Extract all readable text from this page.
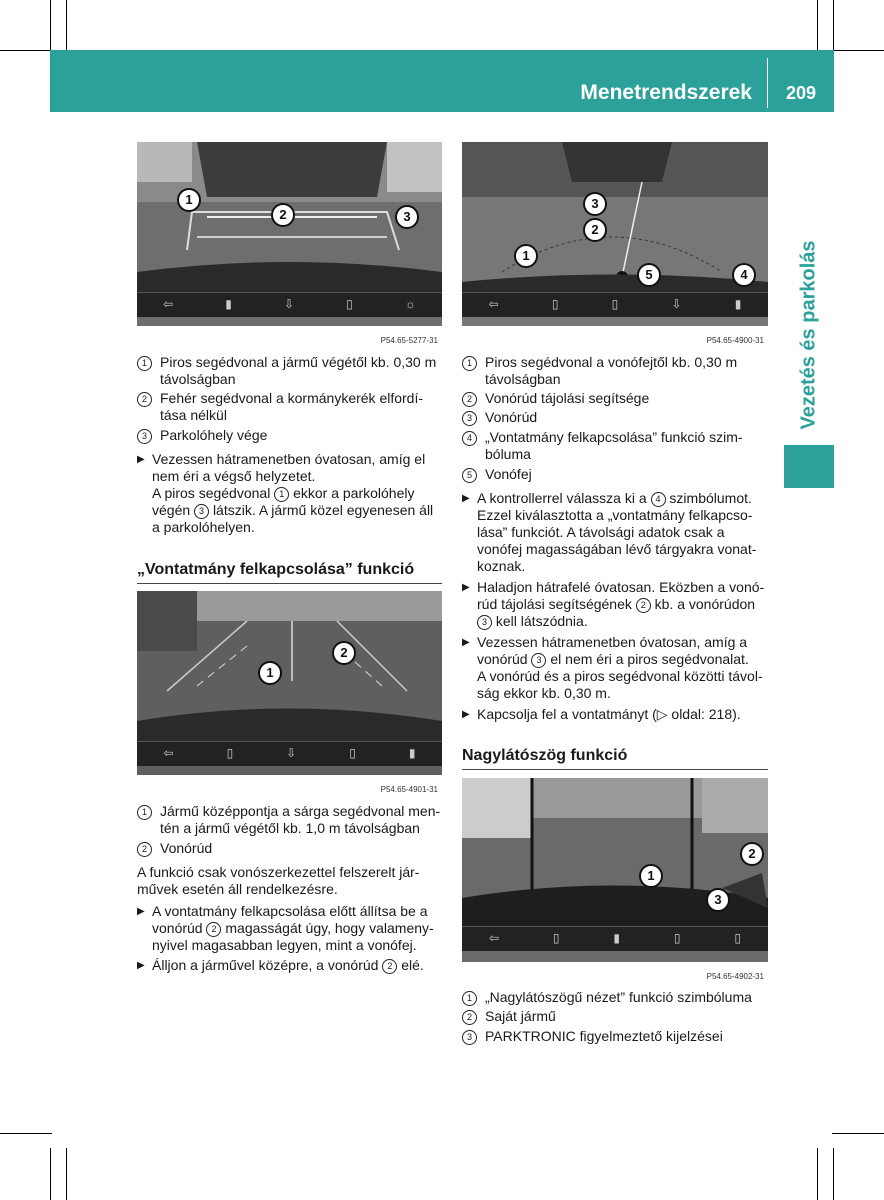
Menetrendszerek	209
Vezetés és parkolás
⇦	▮	⇩	▯	☼
P54.65-5277-31
1
2	3
1 Piros segédvonal a jármű végétől kb. 0,30 m
távolságban
2 Fehér segédvonal a kormánykerék elfordí-
tása nélkül
3 Parkolóhely vége
▶ Vezessen hátramenetben óvatosan, amíg el
nem éri a végső helyzetet.
A piros segédvonal 1 ekkor a parkolóhely
végén 3 látszik. A jármű közel egyenesen áll
a parkolóhelyen.
„Vontatmány felkapcsolása” funkció
⇦	▯	⇩	▯	▮
P54.65-4901-31
1
2
1 Jármű középpontja a sárga segédvonal men-
tén a jármű végétől kb. 1,0 m távolságban
2 Vonórúd
A funkció csak vonószerkezettel felszerelt jár-
művek esetén áll rendelkezésre.
▶ A vontatmány felkapcsolása előtt állítsa be a
vonórúd 2 magasságát úgy, hogy valameny-
nyivel magasabban legyen, mint a vonófej.
▶ Álljon a járművel középre, a vonórúd 2 elé.
⇦	▯	▯	⇩	▮
P54.65-4900-31
3
2
1
5	4
1 Piros segédvonal a vonófejtől kb. 0,30 m
távolságban
2 Vonórúd tájolási segítsége
3 Vonórúd
4 „Vontatmány felkapcsolása” funkció szim-
bóluma
5 Vonófej
▶ A kontrollerrel válassza ki a 4 szimbólumot.
Ezzel kiválasztotta a „vontatmány felkapcso-
lása” funkciót. A távolsági adatok csak a
vonófej magasságában lévő tárgyakra vonat-
koznak.
▶ Haladjon hátrafelé óvatosan. Eközben a vonó-
rúd tájolási segítségének 2 kb. a vonórúdon
3 kell látszódnia.
▶ Vezessen hátramenetben óvatosan, amíg a
vonórúd 3 el nem éri a piros segédvonalat.
A vonórúd és a piros segédvonal közötti távol-
ság ekkor kb. 0,30 m.
▶ Kapcsolja fel a vontatmányt (▷ oldal: 218).
Nagylátószög funkció
⇦	▯	▮	▯	▯
P54.65-4902-31
1
2
3
1 „Nagylátószögű nézet” funkció szimbóluma
2 Saját jármű
3 PARKTRONIC figyelmeztető kijelzései
